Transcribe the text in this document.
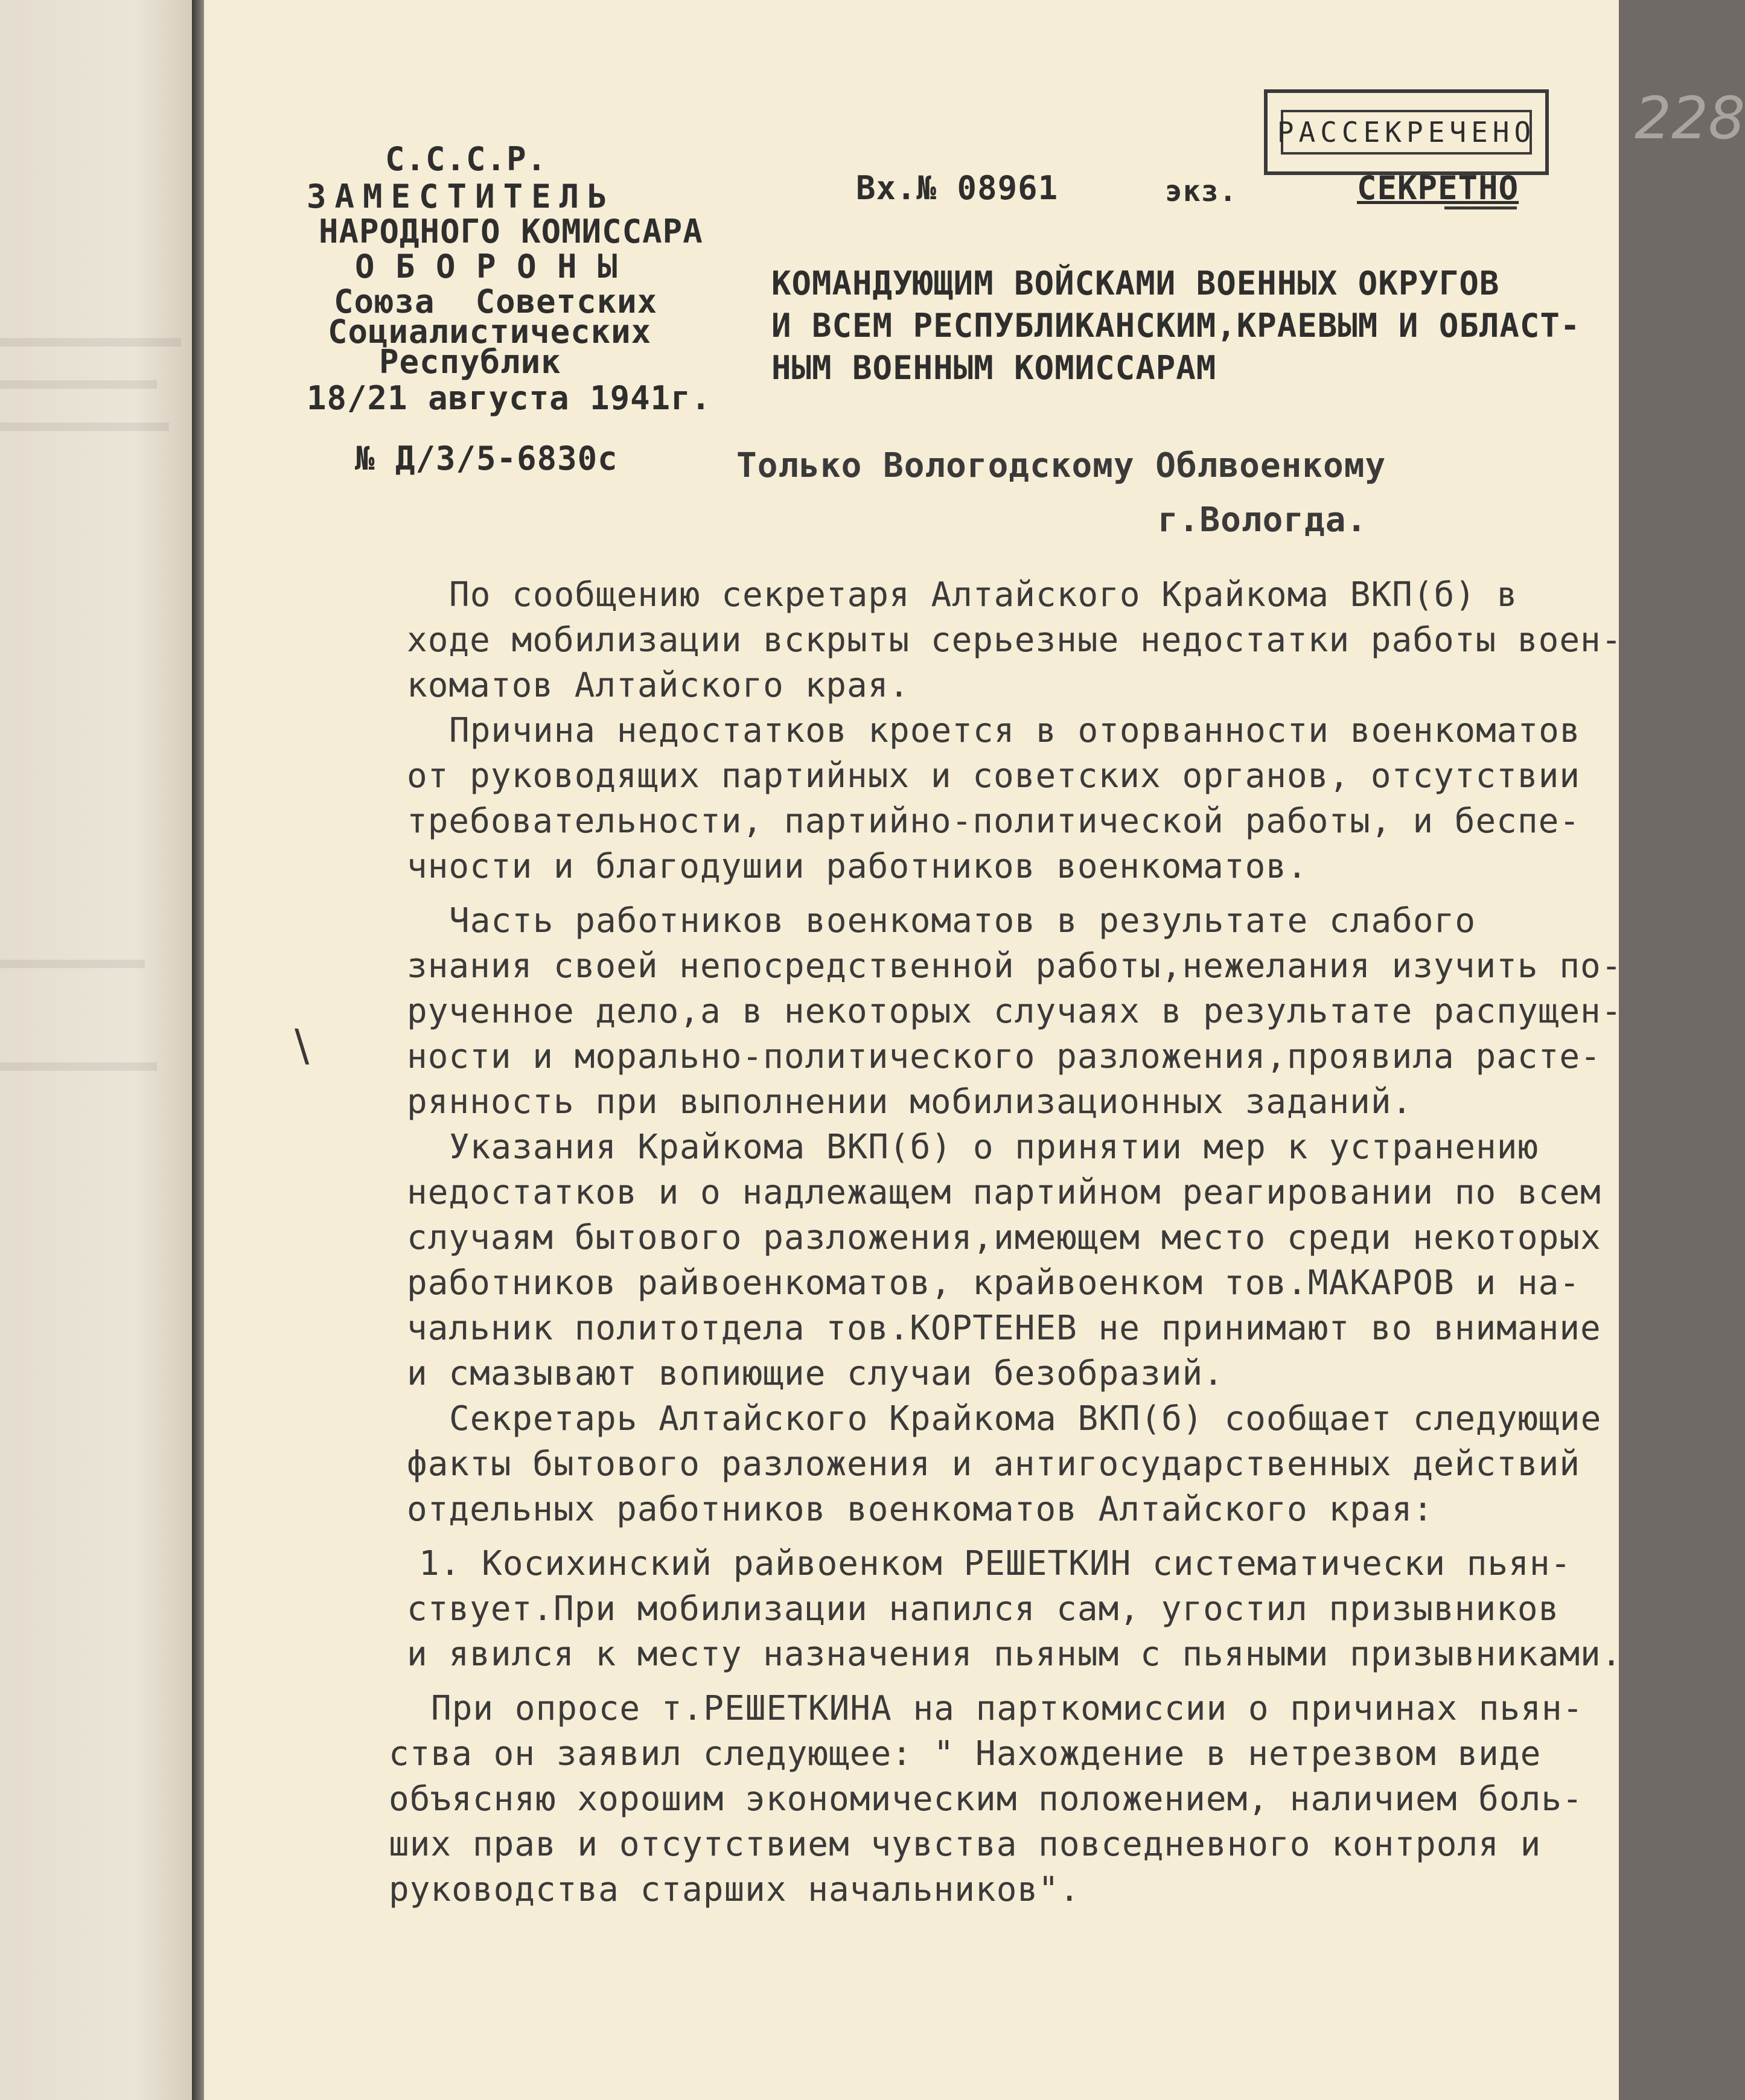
РАССЕКРЕЧЕНО 228

С.С.С.Р.

ЗАМЕСТИТЕЛЬ

НАРОДНОГО КОМИССАРА

О Б О Р О Н Ы

Союза  Советских

Социалистических

Республик

18/21 августа 1941г.

№ Д/3/5-6830с

Вх.№ 08961	экз.	СЕКРЕТНО

КОМАНДУЮЩИМ ВОЙСКАМИ ВОЕННЫХ ОКРУГОВ

И ВСЕМ РЕСПУБЛИКАНСКИМ,КРАЕВЫМ И ОБЛАСТ-

НЫМ ВОЕННЫМ КОМИССАРАМ

Только Вологодскому Облвоенкому

г.Вологда.

\

По сообщению секретаря Алтайского Крайкома ВКП(б) в

ходе мобилизации вскрыты серьезные недостатки работы воен-

коматов Алтайского края.

Причина недостатков кроется в оторванности военкоматов

от руководящих партийных и советских органов, отсутствии

требовательности, партийно-политической работы, и беспе-

чности и благодушии работников военкоматов.

Часть работников военкоматов в результате слабого

знания своей непосредственной работы,нежелания изучить по-

рученное дело,а в некоторых случаях в результате распущен-

ности и морально-политического разложения,проявила расте-

рянность при выполнении мобилизационных заданий.

Указания Крайкома ВКП(б) о принятии мер к устранению

недостатков и о надлежащем партийном реагировании по всем

случаям бытового разложения,имеющем место среди некоторых

работников райвоенкоматов, крайвоенком тов.МАКАРОВ и на-

чальник политотдела тов.КОРТЕНЕВ не принимают во внимание

и смазывают вопиющие случаи безобразий.

Секретарь Алтайского Крайкома ВКП(б) сообщает следующие

факты бытового разложения и антигосударственных действий

отдельных работников военкоматов Алтайского края:

1. Косихинский райвоенком РЕШЕТКИН систематически пьян-

ствует.При мобилизации напился сам, угостил призывников

и явился к месту назначения пьяным с пьяными призывниками.

При опросе т.РЕШЕТКИНА на парткомиссии о причинах пьян-

ства он заявил следующее: " Нахождение в нетрезвом виде

объясняю хорошим экономическим положением, наличием боль-

ших прав и отсутствием чувства повседневного контроля и

руководства старших начальников".
